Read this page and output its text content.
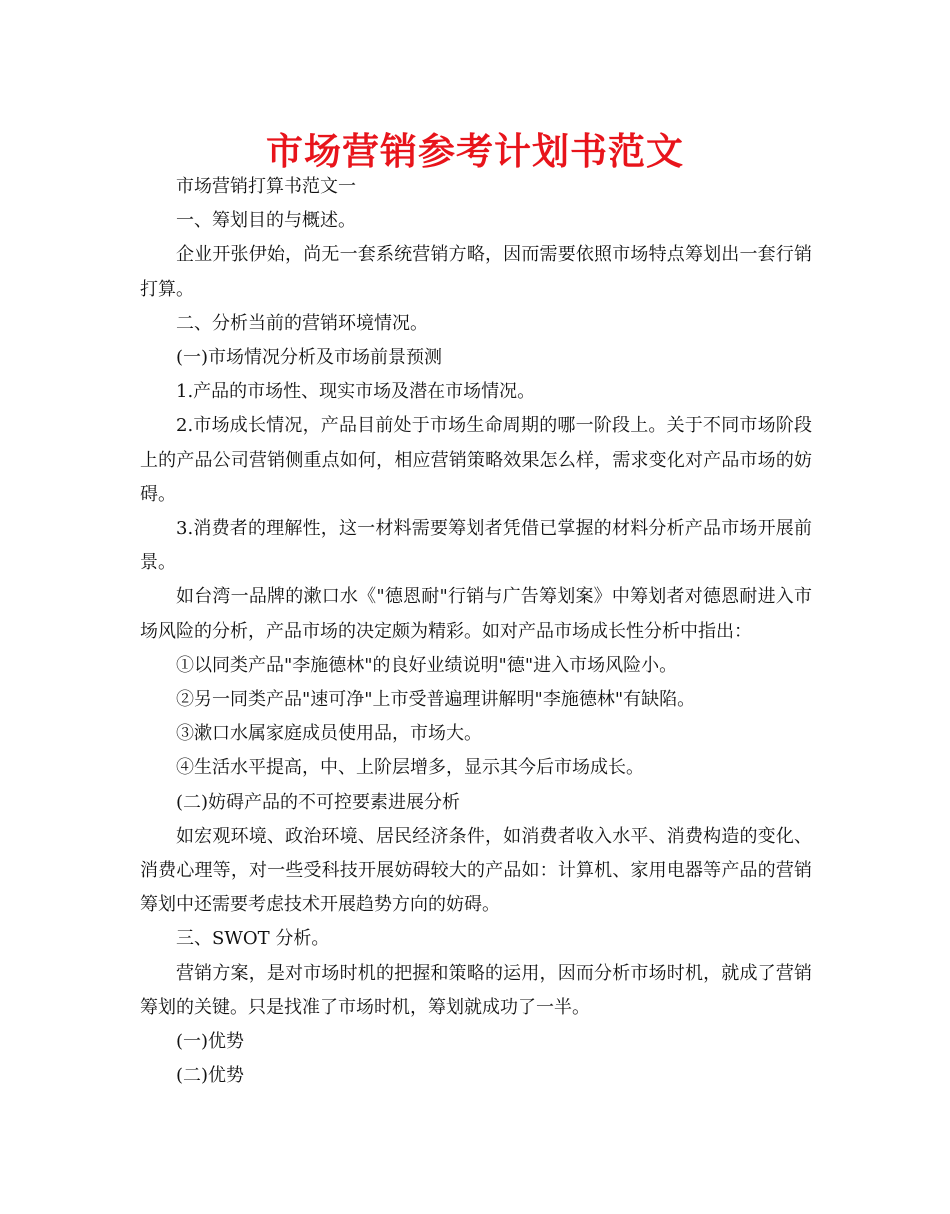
市场营销参考计划书范文

市场营销打算书范文一

一、筹划目的与概述。

企业开张伊始，尚无一套系统营销方略，因而需要依照市场特点筹划出一套行销打算。

二、分析当前的营销环境情况。

(一)市场情况分析及市场前景预测

1.产品的市场性、现实市场及潜在市场情况。

2.市场成长情况，产品目前处于市场生命周期的哪一阶段上。关于不同市场阶段上的产品公司营销侧重点如何，相应营销策略效果怎么样，需求变化对产品市场的妨碍。

3.消费者的理解性，这一材料需要筹划者凭借已掌握的材料分析产品市场开展前景。

如台湾一品牌的漱口水《"德恩耐"行销与广告筹划案》中筹划者对德恩耐进入市场风险的分析，产品市场的决定颇为精彩。如对产品市场成长性分析中指出：

①以同类产品"李施德林"的良好业绩说明"德"进入市场风险小。

②另一同类产品"速可净"上市受普遍理讲解明"李施德林"有缺陷。

③漱口水属家庭成员使用品，市场大。

④生活水平提高，中、上阶层增多，显示其今后市场成长。

(二)妨碍产品的不可控要素进展分析

如宏观环境、政治环境、居民经济条件，如消费者收入水平、消费构造的变化、消费心理等，对一些受科技开展妨碍较大的产品如：计算机、家用电器等产品的营销筹划中还需要考虑技术开展趋势方向的妨碍。

三、SWOT 分析。

营销方案，是对市场时机的把握和策略的运用，因而分析市场时机，就成了营销筹划的关键。只是找准了市场时机，筹划就成功了一半。

(一)优势

(二)优势
